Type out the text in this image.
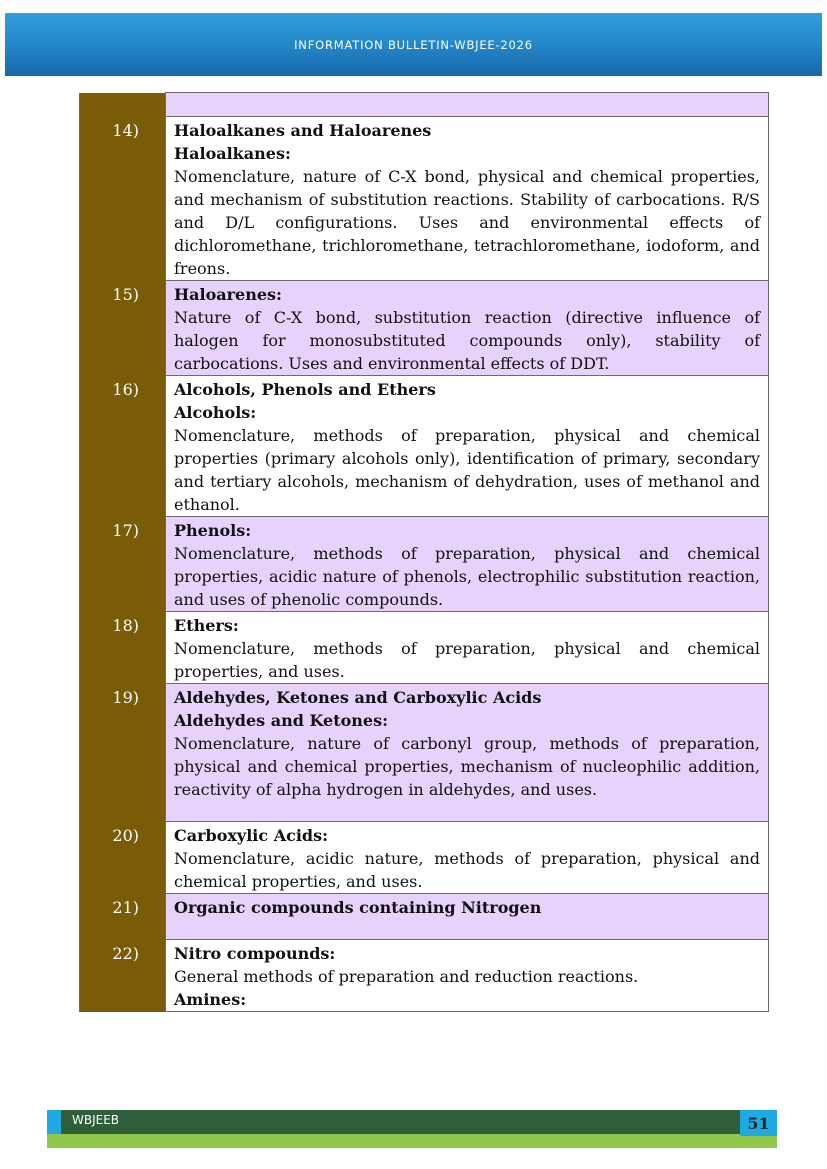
INFORMATION BULLETIN-WBJEE-2026

14)	Haloalkanes and Haloarenes
Haloalkanes:
Nomenclature, nature of C-X bond, physical and chemical properties, and mechanism of substitution reactions. Stability of carbocations. R/S and D/L configurations. Uses and environmental effects of dichloromethane, trichloromethane, tetrachloromethane, iodoform, and freons.

15)	Haloarenes:
Nature of C-X bond, substitution reaction (directive influence of halogen for monosubstituted compounds only), stability of carbocations. Uses and environmental effects of DDT.

16)	Alcohols, Phenols and Ethers
Alcohols:
Nomenclature, methods of preparation, physical and chemical properties (primary alcohols only), identification of primary, secondary and tertiary alcohols, mechanism of dehydration, uses of methanol and ethanol.

17)	Phenols:
Nomenclature, methods of preparation, physical and chemical properties, acidic nature of phenols, electrophilic substitution reaction, and uses of phenolic compounds.

18)	Ethers:
Nomenclature, methods of preparation, physical and chemical properties, and uses.

19)	Aldehydes, Ketones and Carboxylic Acids
Aldehydes and Ketones:
Nomenclature, nature of carbonyl group, methods of preparation, physical and chemical properties, mechanism of nucleophilic addition, reactivity of alpha hydrogen in aldehydes, and uses.

20)	Carboxylic Acids:
Nomenclature, acidic nature, methods of preparation, physical and chemical properties, and uses.

21)	Organic compounds containing Nitrogen

22)	Nitro compounds:
General methods of preparation and reduction reactions.
Amines:
WBJEEB	51
